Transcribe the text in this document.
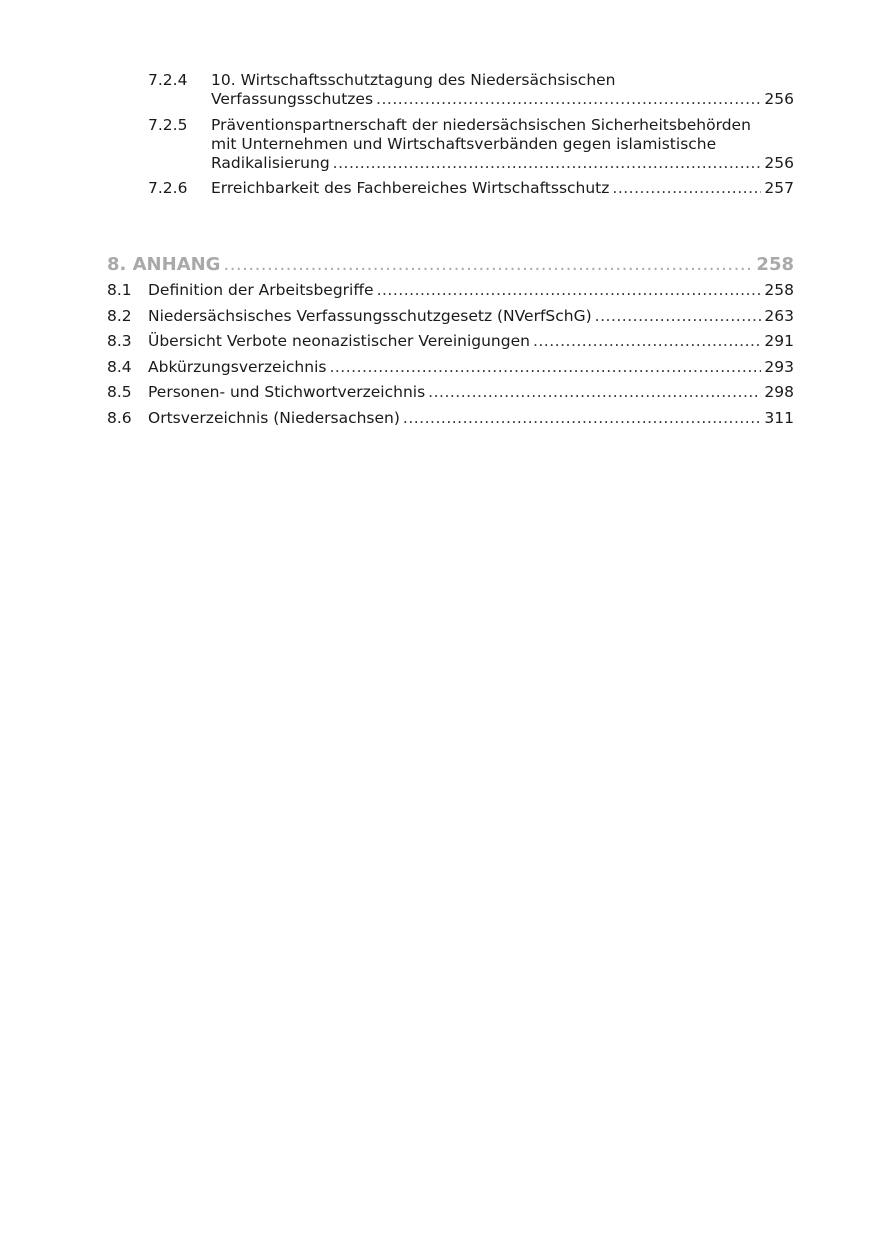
7.2.4 10. Wirtschaftsschutztagung des Niedersächsischen
Verfassungsschutzes .....	256
7.2.5 Präventionspartnerschaft der niedersächsischen Sicherheitsbehörden
mit Unternehmen und Wirtschaftsverbänden gegen islamistische
Radikalisierung .....	256
7.2.6 Erreichbarkeit des Fachbereiches Wirtschaftsschutz .....	257
8. ANHANG .....	258
8.1 Definition der Arbeitsbegriffe .....	258
8.2 Niedersächsisches Verfassungsschutzgesetz (NVerfSchG) .....	263
8.3 Übersicht Verbote neonazistischer Vereinigungen .....	291
8.4 Abkürzungsverzeichnis .....	293
8.5 Personen- und Stichwortverzeichnis .....	298
8.6 Ortsverzeichnis (Niedersachsen) .....	311
